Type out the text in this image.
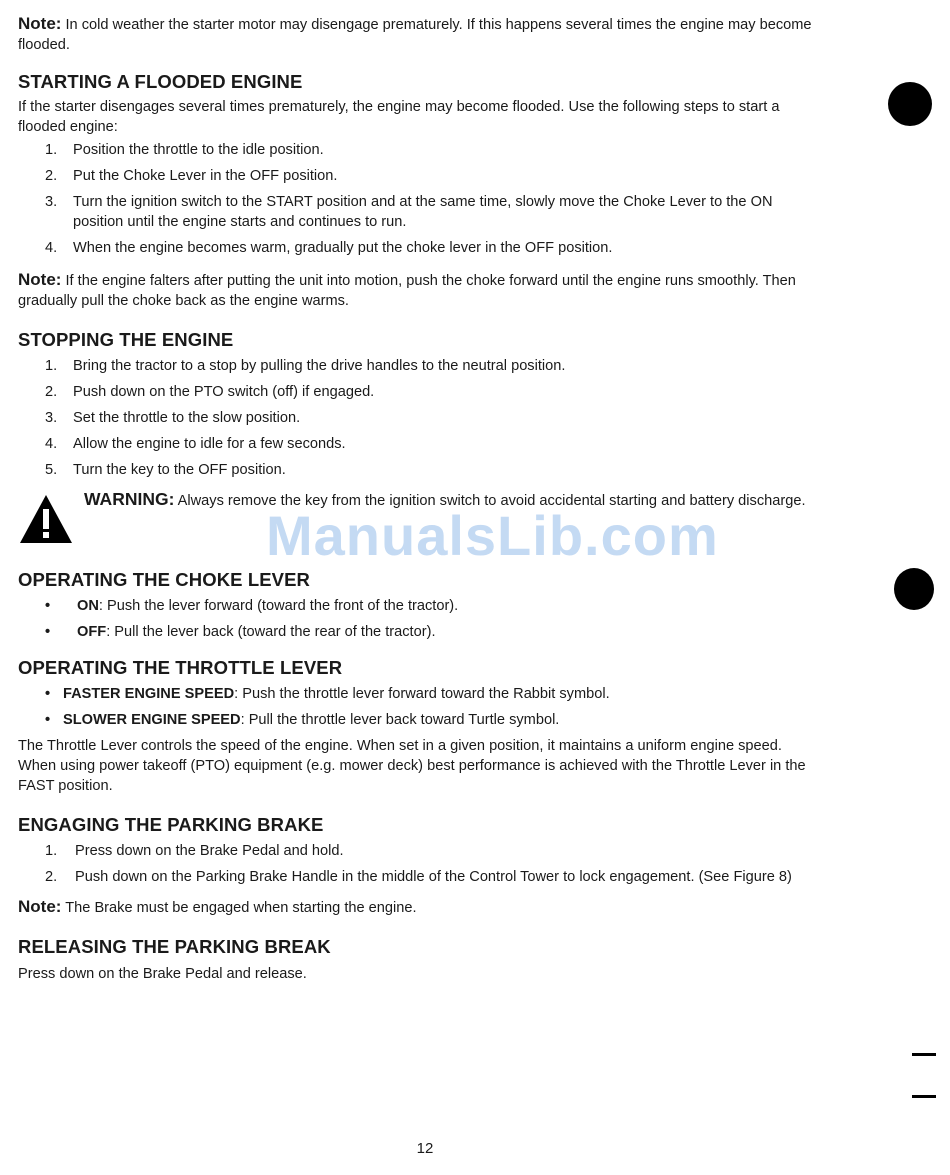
Note: In cold weather the starter motor may disengage prematurely. If this happens several times the engine may become flooded.

STARTING A FLOODED ENGINE

If the starter disengages several times prematurely, the engine may become flooded. Use the following steps to start a flooded engine:

1. Position the throttle to the idle position.
2. Put the Choke Lever in the OFF position.
3. Turn the ignition switch to the START position and at the same time, slowly move the Choke Lever to the ON position until the engine starts and continues to run.
4. When the engine becomes warm, gradually put the choke lever in the OFF position.

Note: If the engine falters after putting the unit into motion, push the choke forward until the engine runs smoothly. Then gradually pull the choke back as the engine warms.

STOPPING THE ENGINE
1. Bring the tractor to a stop by pulling the drive handles to the neutral position.
2. Push down on the PTO switch (off) if engaged.
3. Set the throttle to the slow position.
4. Allow the engine to idle for a few seconds.
5. Turn the key to the OFF position.

WARNING: Always remove the key from the ignition switch to avoid accidental starting and battery discharge.

OPERATING THE CHOKE LEVER
• ON: Push the lever forward (toward the front of the tractor).
• OFF: Pull the lever back (toward the rear of the tractor).
OPERATING THE THROTTLE LEVER
• FASTER ENGINE SPEED: Push the throttle lever forward toward the Rabbit symbol.
• SLOWER ENGINE SPEED: Pull the throttle lever back toward Turtle symbol.

The Throttle Lever controls the speed of the engine. When set in a given position, it maintains a uniform engine speed. When using power takeoff (PTO) equipment (e.g. mower deck) best performance is achieved with the Throttle Lever in the FAST position.

ENGAGING THE PARKING BRAKE
1. Press down on the Brake Pedal and hold.
2. Push down on the Parking Brake Handle in the middle of the Control Tower to lock engagement. (See Figure 8)

Note: The Brake must be engaged when starting the engine.

RELEASING THE PARKING BREAK

Press down on the Brake Pedal and release.

ManualsLib.com
12
